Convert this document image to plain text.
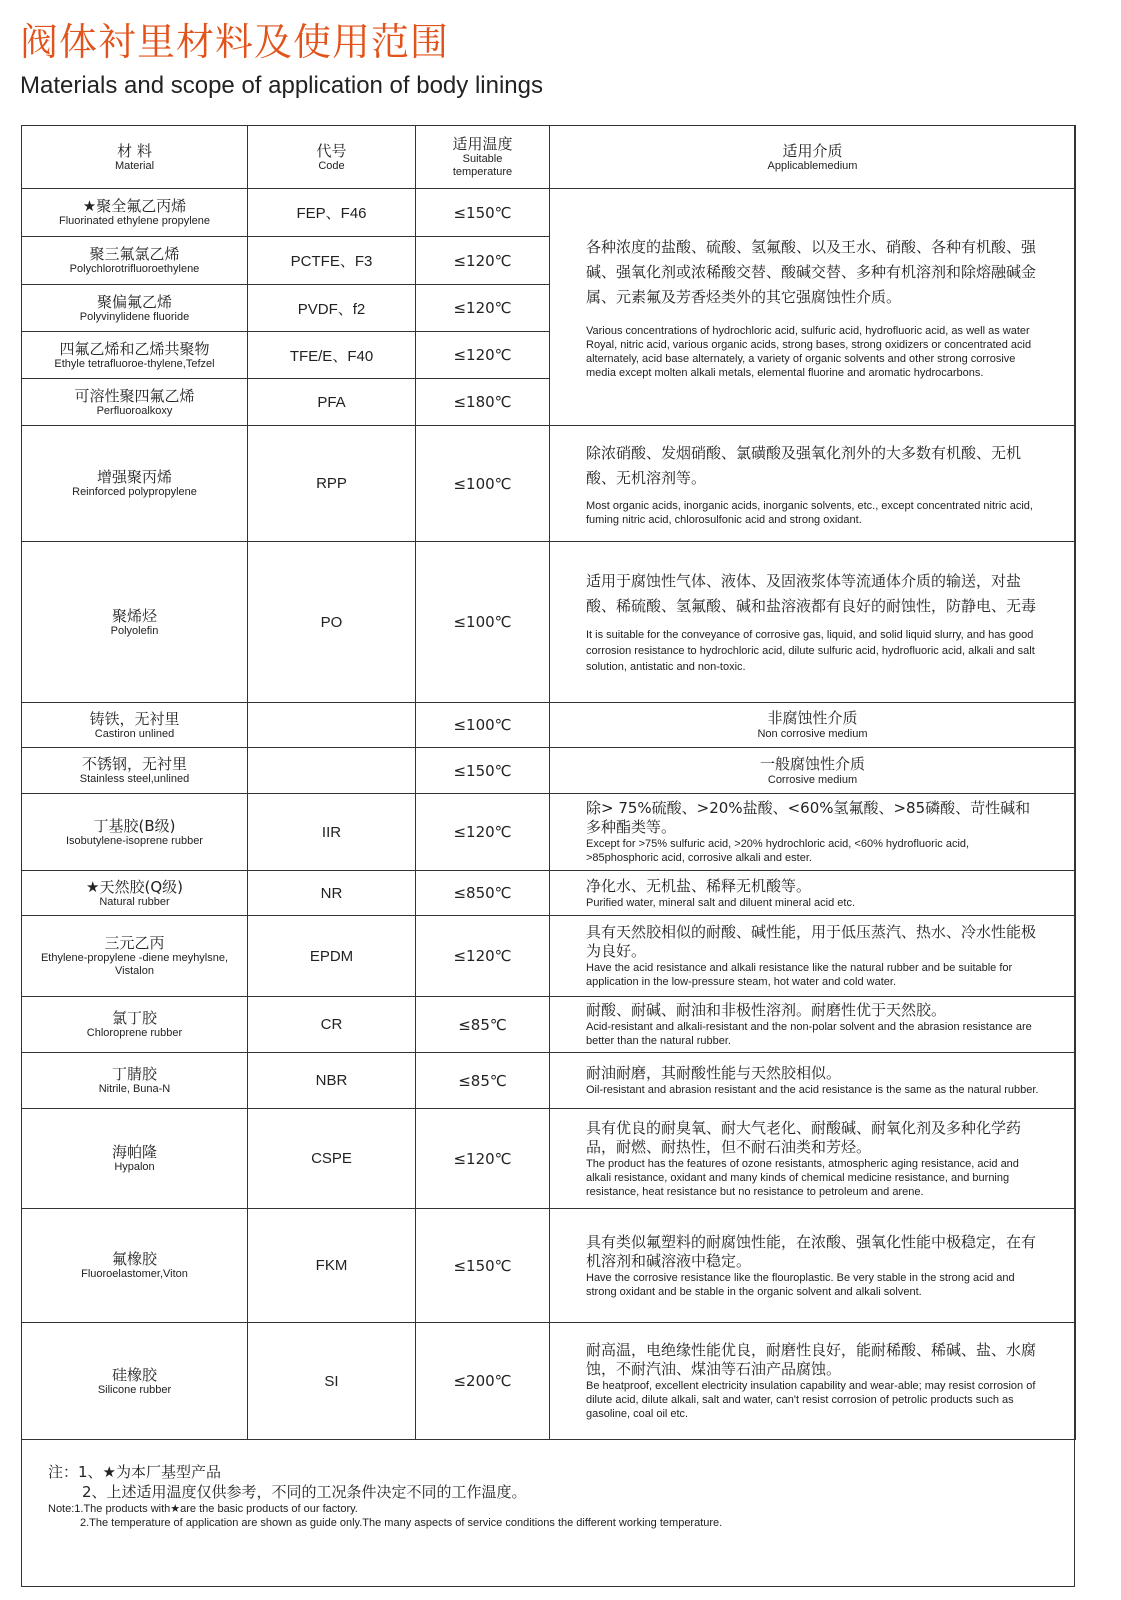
阀体衬里材料及使用范围
Materials and scope of application of body linings
材 料
Material	代号
Code	适用温度
Suitable
temperature	适用介质
Applicablemedium

★聚全氟乙丙烯
Fluorinated ethylene propylene	FEP、F46	≤150℃	各种浓度的盐酸、硫酸、氢氟酸、以及王水、硝酸、各种有机酸、强碱、强氧化剂或浓稀酸交替、酸碱交替、多种有机溶剂和除熔融碱金属、元素氟及芳香烃类外的其它强腐蚀性介质。
Various concentrations of hydrochloric acid, sulfuric acid, hydrofluoric acid, as well as water Royal, nitric acid, various organic acids, strong bases, strong oxidizers or concentrated acid alternately, acid base alternately, a variety of organic solvents and other strong corrosive media except molten alkali metals, elemental fluorine and aromatic hydrocarbons.

聚三氟氯乙烯
Polychlorotrifluoroethylene	PCTFE、F3	≤120℃	

聚偏氟乙烯
Polyvinylidene fluoride	PVDF、f2	≤120℃	

四氟乙烯和乙烯共聚物
Ethyle tetrafluoroe-thylene,Tefzel	TFE/E、F40	≤120℃	

可溶性聚四氟乙烯
Perfluoroalkoxy	PFA	≤180℃	

增强聚丙烯
Reinforced polypropylene	RPP	≤100℃	除浓硝酸、发烟硝酸、氯磺酸及强氧化剂外的大多数有机酸、无机酸、无机溶剂等。
Most organic acids, inorganic acids, inorganic solvents, etc., except concentrated nitric acid, fuming nitric acid, chlorosulfonic acid and strong oxidant.

聚烯烃
Polyolefin	PO	≤100℃	适用于腐蚀性气体、液体、及固液浆体等流通体介质的输送，对盐酸、稀硫酸、氢氟酸、碱和盐溶液都有良好的耐蚀性，防静电、无毒
It is suitable for the conveyance of corrosive gas, liquid, and solid liquid slurry, and has good corrosion resistance to hydrochloric acid, dilute sulfuric acid, hydrofluoric acid, alkali and salt solution, antistatic and non-toxic.

铸铁，无衬里
Castiron unlined		≤100℃	非腐蚀性介质
Non corrosive medium

不锈钢，无衬里
Stainless steel,unlined		≤150℃	一般腐蚀性介质
Corrosive medium

丁基胶(B级)
Isobutylene-isoprene rubber	IIR	≤120℃	除> 75%硫酸、>20%盐酸、<60%氢氟酸、>85磷酸、苛性碱和多种酯类等。
Except for >75% sulfuric acid, >20% hydrochloric acid, <60% hydrofluoric acid, >85phosphoric acid, corrosive alkali and ester.

★天然胶(Q级)
Natural rubber	NR	≤850℃	净化水、无机盐、稀释无机酸等。
Purified water, mineral salt and diluent mineral acid etc.

三元乙丙
Ethylene-propylene -diene meyhylsne, Vistalon	EPDM	≤120℃	具有天然胶相似的耐酸、碱性能，用于低压蒸汽、热水、冷水性能极为良好。
Have the acid resistance and alkali resistance like the natural rubber and be suitable for application in the low-pressure steam, hot water and cold water.

氯丁胶
Chloroprene rubber	CR	≤85℃	耐酸、耐碱、耐油和非极性溶剂。耐磨性优于天然胶。
Acid-resistant and alkali-resistant and the non-polar solvent and the abrasion resistance are better than the natural rubber.

丁腈胶
Nitrile, Buna-N	NBR	≤85℃	耐油耐磨，其耐酸性能与天然胶相似。
Oil-resistant and abrasion resistant and the acid resistance is the same as the natural rubber.

海帕隆
Hypalon	CSPE	≤120℃	具有优良的耐臭氧、耐大气老化、耐酸碱、耐氧化剂及多种化学药品，耐燃、耐热性，但不耐石油类和芳烃。
The product has the features of ozone resistants, atmospheric aging resistance, acid and alkali resistance, oxidant and many kinds of chemical medicine resistance, and burning resistance, heat resistance but no resistance to petroleum and arene.

氟橡胶
Fluoroelastomer,Viton	FKM	≤150℃	具有类似氟塑料的耐腐蚀性能，在浓酸、强氧化性能中极稳定，在有机溶剂和碱溶液中稳定。
Have the corrosive resistance like the flouroplastic. Be very stable in the strong acid and strong oxidant and be stable in the organic solvent and alkali solvent.

硅橡胶
Silicone rubber	SI	≤200℃	耐高温，电绝缘性能优良，耐磨性良好，能耐稀酸、稀碱、盐、水腐蚀，不耐汽油、煤油等石油产品腐蚀。
Be heatproof, excellent electricity insulation capability and wear-able; may resist corrosion of dilute acid, dilute alkali, salt and water, can't resist corrosion of petrolic products such as gasoline, coal oil etc.
注：1、★为本厂基型产品
2、上述适用温度仅供参考，不同的工况条件决定不同的工作温度。
Note:1.The products with★are the basic products of our factory.
2.The temperature of application are shown as guide only.The many aspects of service conditions the different working temperature.
